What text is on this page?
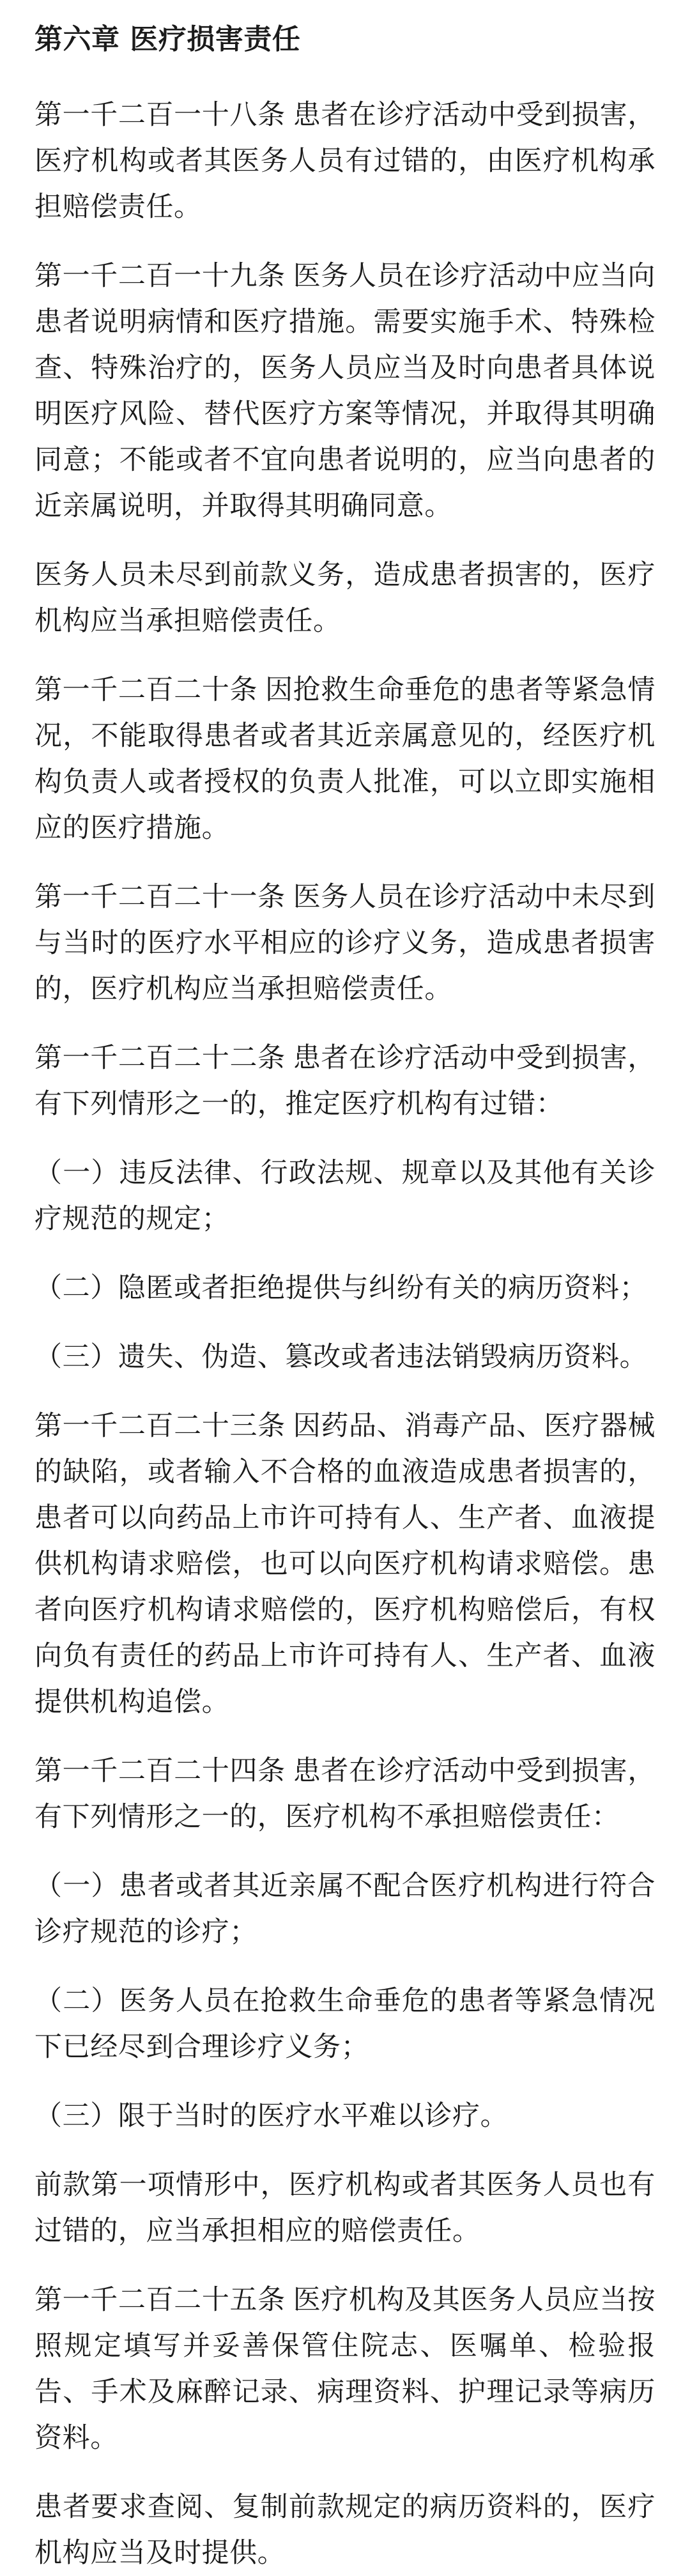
第六章 医疗损害责任

第一千二百一十八条 患者在诊疗活动中受到损害，医疗机构或者其医务人员有过错的，由医疗机构承担赔偿责任。

第一千二百一十九条 医务人员在诊疗活动中应当向患者说明病情和医疗措施。需要实施手术、特殊检查、特殊治疗的，医务人员应当及时向患者具体说明医疗风险、替代医疗方案等情况，并取得其明确同意；不能或者不宜向患者说明的，应当向患者的近亲属说明，并取得其明确同意。

医务人员未尽到前款义务，造成患者损害的，医疗机构应当承担赔偿责任。

第一千二百二十条 因抢救生命垂危的患者等紧急情况，不能取得患者或者其近亲属意见的，经医疗机构负责人或者授权的负责人批准，可以立即实施相应的医疗措施。

第一千二百二十一条 医务人员在诊疗活动中未尽到与当时的医疗水平相应的诊疗义务，造成患者损害的，医疗机构应当承担赔偿责任。

第一千二百二十二条 患者在诊疗活动中受到损害，有下列情形之一的，推定医疗机构有过错：

（一）违反法律、行政法规、规章以及其他有关诊疗规范的规定；

（二）隐匿或者拒绝提供与纠纷有关的病历资料；

（三）遗失、伪造、篡改或者违法销毁病历资料。

第一千二百二十三条 因药品、消毒产品、医疗器械的缺陷，或者输入不合格的血液造成患者损害的，患者可以向药品上市许可持有人、生产者、血液提供机构请求赔偿，也可以向医疗机构请求赔偿。患者向医疗机构请求赔偿的，医疗机构赔偿后，有权向负有责任的药品上市许可持有人、生产者、血液提供机构追偿。

第一千二百二十四条 患者在诊疗活动中受到损害，有下列情形之一的，医疗机构不承担赔偿责任：

（一）患者或者其近亲属不配合医疗机构进行符合诊疗规范的诊疗；

（二）医务人员在抢救生命垂危的患者等紧急情况下已经尽到合理诊疗义务；

（三）限于当时的医疗水平难以诊疗。

前款第一项情形中，医疗机构或者其医务人员也有过错的，应当承担相应的赔偿责任。

第一千二百二十五条 医疗机构及其医务人员应当按照规定填写并妥善保管住院志、医嘱单、检验报告、手术及麻醉记录、病理资料、护理记录等病历资料。

患者要求查阅、复制前款规定的病历资料的，医疗机构应当及时提供。
